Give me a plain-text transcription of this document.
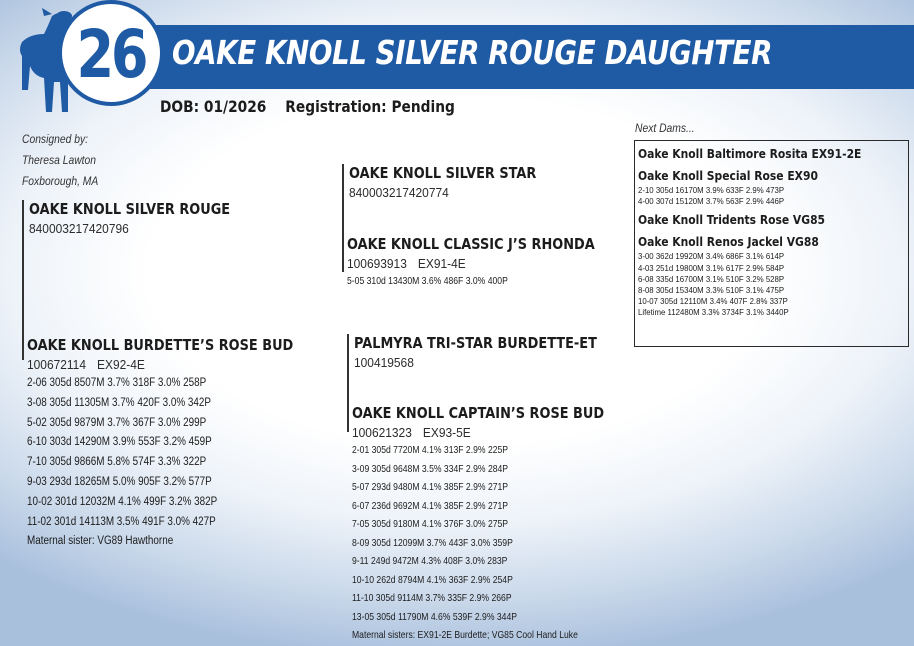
26 OAKE KNOLL SILVER ROUGE DAUGHTER
DOB: 01/2026 Registration: Pending
Consigned by:
Theresa Lawton
Foxborough, MA
OAKE KNOLL SILVER ROUGE
840003217420796
OAKE KNOLL BURDETTE’S ROSE BUD
100672114 EX92-4E
2-06 305d 8507M 3.7% 318F 3.0% 258P
3-08 305d 11305M 3.7% 420F 3.0% 342P
5-02 305d 9879M 3.7% 367F 3.0% 299P
6-10 303d 14290M 3.9% 553F 3.2% 459P
7-10 305d 9866M 5.8% 574F 3.3% 322P
9-03 293d 18265M 5.0% 905F 3.2% 577P
10-02 301d 12032M 4.1% 499F 3.2% 382P
11-02 301d 14113M 3.5% 491F 3.0% 427P
Maternal sister: VG89 Hawthorne
OAKE KNOLL SILVER STAR
840003217420774
OAKE KNOLL CLASSIC J’S RHONDA
100693913 EX91-4E
5-05 310d 13430M 3.6% 486F 3.0% 400P
PALMYRA TRI-STAR BURDETTE-ET
100419568
OAKE KNOLL CAPTAIN’S ROSE BUD
100621323 EX93-5E
2-01 305d 7720M 4.1% 313F 2.9% 225P
3-09 305d 9648M 3.5% 334F 2.9% 284P
5-07 293d 9480M 4.1% 385F 2.9% 271P
6-07 236d 9692M 4.1% 385F 2.9% 271P
7-05 305d 9180M 4.1% 376F 3.0% 275P
8-09 305d 12099M 3.7% 443F 3.0% 359P
9-11 249d 9472M 4.3% 408F 3.0% 283P
10-10 262d 8794M 4.1% 363F 2.9% 254P
11-10 305d 9114M 3.7% 335F 2.9% 266P
13-05 305d 11790M 4.6% 539F 2.9% 344P
Maternal sisters: EX91-2E Burdette; VG85 Cool Hand Luke
Next Dams...
Oake Knoll Baltimore Rosita EX91-2E
Oake Knoll Special Rose EX90
2-10 305d 16170M 3.9% 633F 2.9% 473P
4-00 307d 15120M 3.7% 563F 2.9% 446P
Oake Knoll Tridents Rose VG85
Oake Knoll Renos Jackel VG88
3-00 362d 19920M 3.4% 686F 3.1% 614P
4-03 251d 19800M 3.1% 617F 2.9% 584P
6-08 335d 16700M 3.1% 510F 3.2% 528P
8-08 305d 15340M 3.3% 510F 3.1% 475P
10-07 305d 12110M 3.4% 407F 2.8% 337P
Lifetime 112480M 3.3% 3734F 3.1% 3440P
